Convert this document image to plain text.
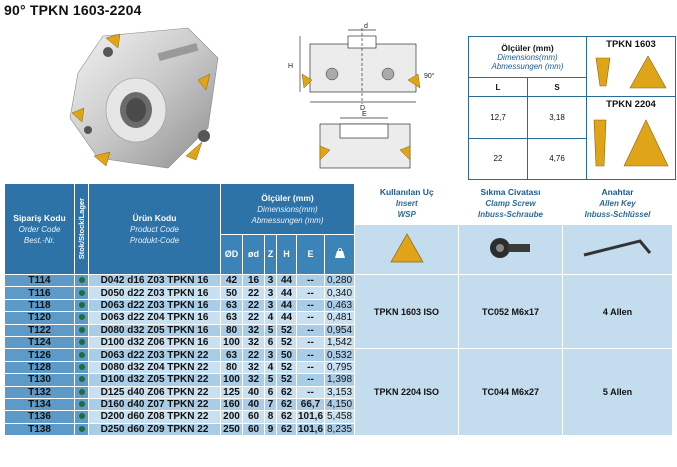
90° TPKN 1603-2204
d
H
D
90°
E
Ölçüler (mm)
Dimensions(mm)
Abmessungen (mm)		TPKN 1603

L	S	
12,7	3,18	TPKN 2204

22	4,76	
Sipariş Kodu
Order Code
Best.-Nr.	Stok/Stock/Lager	Ürün Kodu
Product Code
Produkt-Code	Ölçüler (mm)
Dimensions(mm)
Abmessungen (mm)						Kullanılan Uç
Insert
WSP	Sıkma Civatası
Clamp Screw
Inbuss-Schraube	Anahtar
Allen Key
Inbuss-Schlüssel

			ØD	ød	Z	H	E	
T114		D042 d16 Z03 TPKN 16	42	16	3	44	--	0,280	TPKN 1603 ISO	TC052 M6x17	4 Allen
T116		D050 d22 Z03 TPKN 16	50	22	3	44	--	0,340			
T118		D063 d22 Z03 TPKN 16	63	22	3	44	--	0,463			
T120		D063 d22 Z04 TPKN 16	63	22	4	44	--	0,481			
T122		D080 d32 Z05 TPKN 16	80	32	5	52	--	0,954			
T124		D100 d32 Z06 TPKN 16	100	32	6	52	--	1,542			
T126		D063 d22 Z03 TPKN 22	63	22	3	50	--	0,532	TPKN 2204 ISO	TC044 M6x27	5 Allen
T128		D080 d32 Z04 TPKN 22	80	32	4	52	--	0,795			
T130		D100 d32 Z05 TPKN 22	100	32	5	52	--	1,398			
T132		D125 d40 Z06 TPKN 22	125	40	6	62	--	3,153			
T134		D160 d40 Z07 TPKN 22	160	40	7	62	66,7	4,150			
T136		D200 d60 Z08 TPKN 22	200	60	8	62	101,6	5,458			
T138		D250 d60 Z09 TPKN 22	250	60	9	62	101,6	8,235			
